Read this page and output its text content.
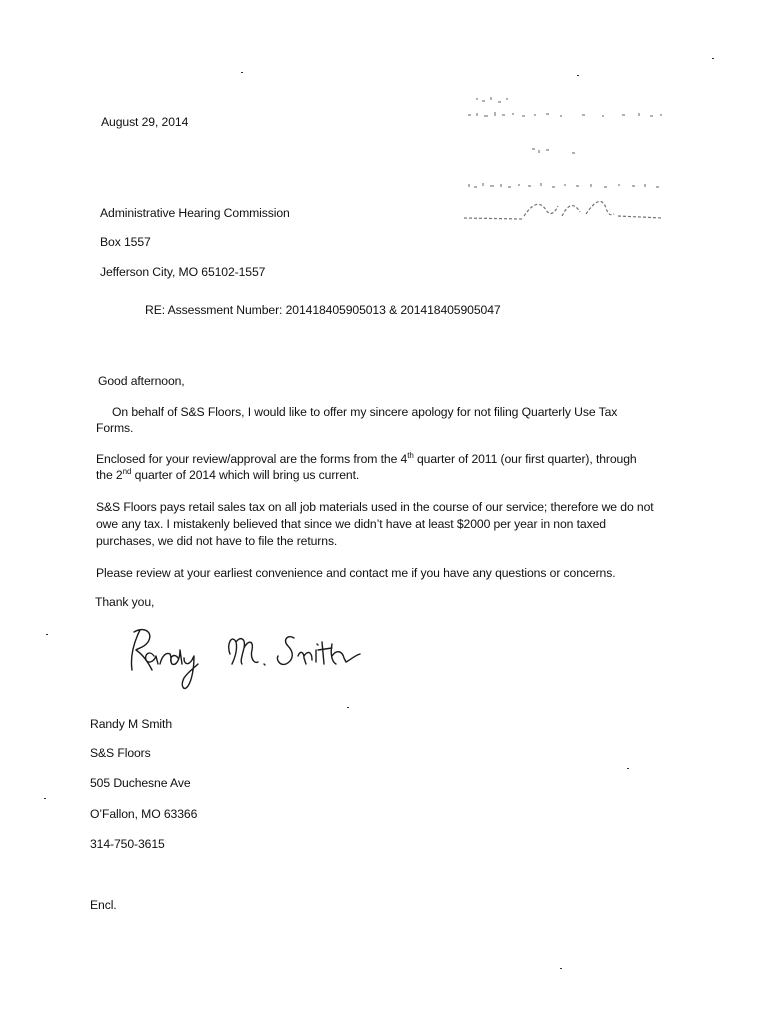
August 29, 2014
Administrative Hearing Commission
Box 1557
Jefferson City, MO 65102-1557
RE: Assessment Number: 201418405905013 & 201418405905047
Good afternoon,
On behalf of S&S Floors, I would like to offer my sincere apology for not filing Quarterly Use Tax
Forms.
Enclosed for your review/approval are the forms from the 4th quarter of 2011 (our first quarter), through
the 2nd quarter of 2014 which will bring us current.
S&S Floors pays retail sales tax on all job materials used in the course of our service; therefore we do not
owe any tax. I mistakenly believed that since we didn’t have at least $2000 per year in non taxed
purchases, we did not have to file the returns.
Please review at your earliest convenience and contact me if you have any questions or concerns.
Thank you,
Randy M Smith
S&S Floors
505 Duchesne Ave
O’Fallon, MO 63366
314-750-3615
Encl.
